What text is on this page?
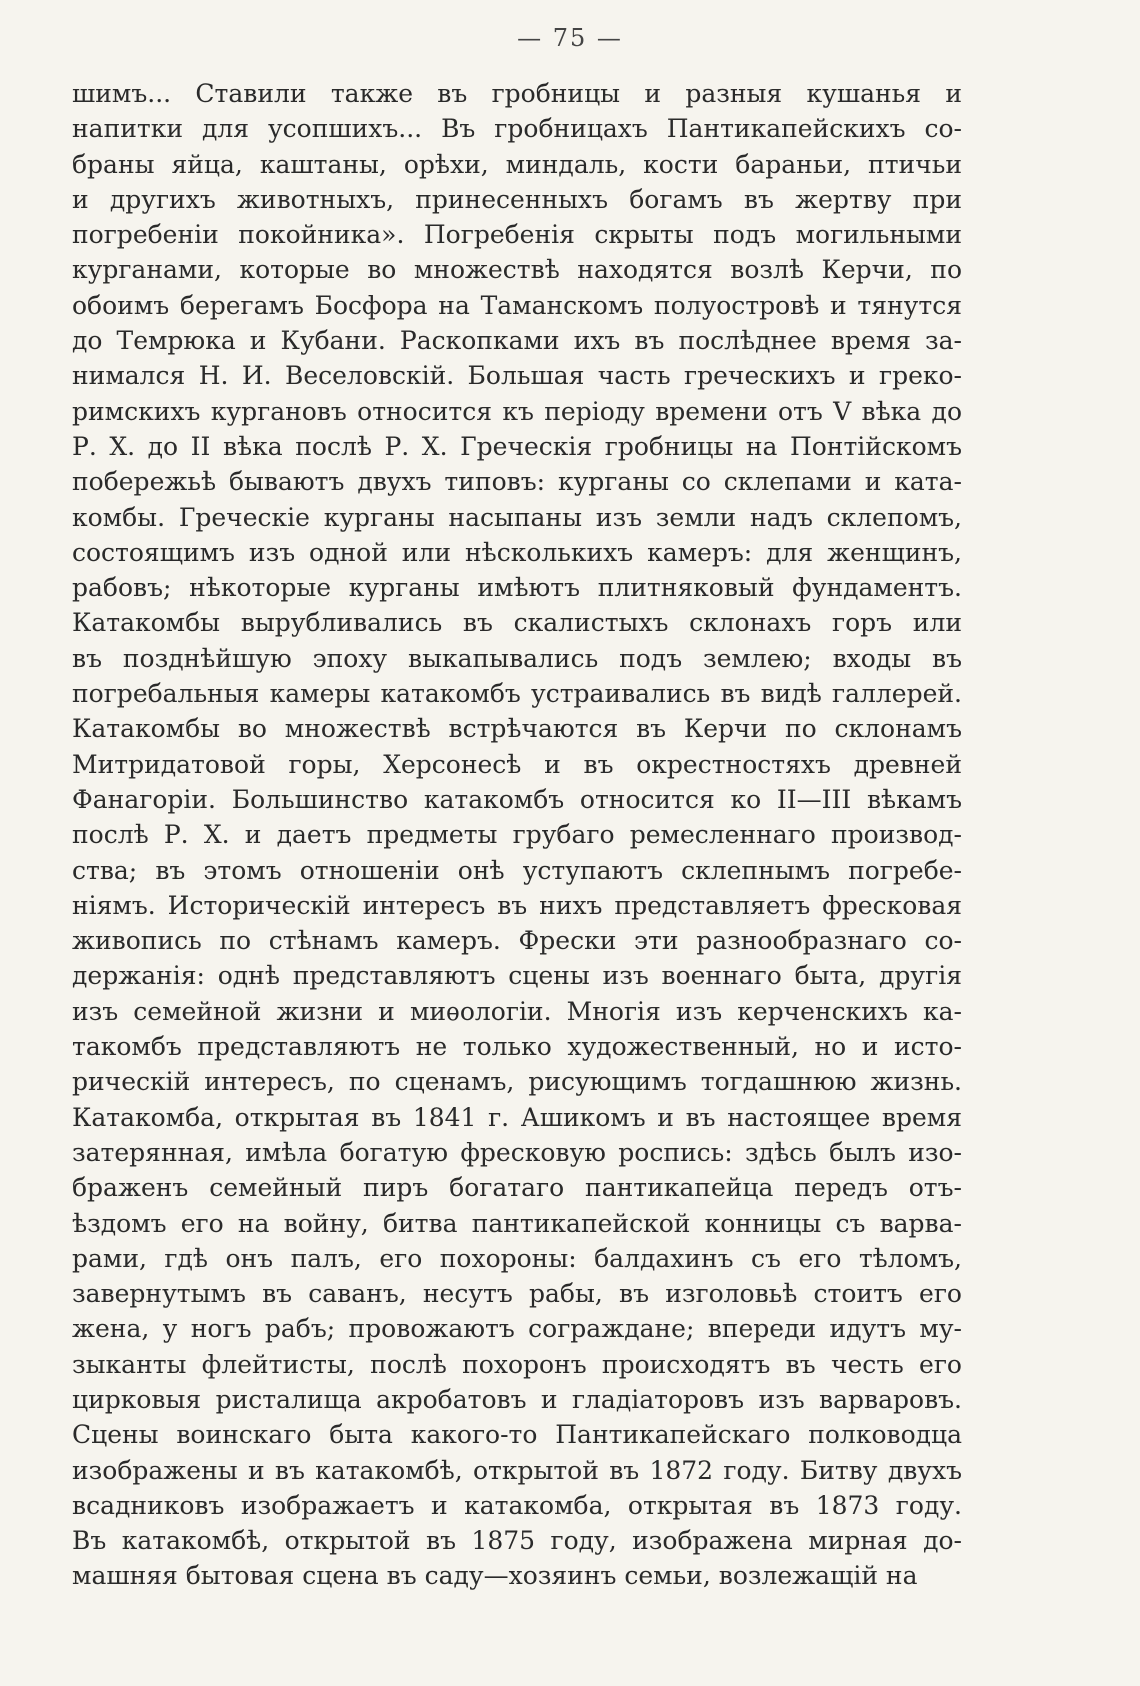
— 75 —
шимъ... Ставили также въ гробницы и разныя кушанья и
напитки для усопшихъ... Въ гробницахъ Пантикапейскихъ со-
браны яйца, каштаны, орѣхи, миндаль, кости бараньи, птичьи
и другихъ животныхъ, принесенныхъ богамъ въ жертву при
погребеніи покойника». Погребенія скрыты подъ могильными
курганами, которые во множествѣ находятся возлѣ Керчи, по
обоимъ берегамъ Босфора на Таманскомъ полуостровѣ и тянутся
до Темрюка и Кубани. Раскопками ихъ въ послѣднее время за-
нимался Н. И. Веселовскій. Большая часть греческихъ и греко-
римскихъ кургановъ относится къ періоду времени отъ V вѣка до
Р. Х. до II вѣка послѣ Р. Х. Греческія гробницы на Понтійскомъ
побережьѣ бываютъ двухъ типовъ: курганы со склепами и ката-
комбы. Греческіе курганы насыпаны изъ земли надъ склепомъ,
состоящимъ изъ одной или нѣсколькихъ камеръ: для женщинъ,
рабовъ; нѣкоторые курганы имѣютъ плитняковый фундаментъ.
Катакомбы вырубливались въ скалистыхъ склонахъ горъ или
въ позднѣйшую эпоху выкапывались подъ землею; входы въ
погребальныя камеры катакомбъ устраивались въ видѣ галлерей.
Катакомбы во множествѣ встрѣчаются въ Керчи по склонамъ
Митридатовой горы, Херсонесѣ и въ окрестностяхъ древней
Фанагоріи. Большинство катакомбъ относится ко II—III вѣкамъ
послѣ Р. Х. и даетъ предметы грубаго ремесленнаго производ-
ства; въ этомъ отношеніи онѣ уступаютъ склепнымъ погребе-
ніямъ. Историческій интересъ въ нихъ представляетъ фресковая
живопись по стѣнамъ камеръ. Фрески эти разнообразнаго со-
держанія: однѣ представляютъ сцены изъ военнаго быта, другія
изъ семейной жизни и миѳологіи. Многія изъ керченскихъ ка-
такомбъ представляютъ не только художественный, но и исто-
рическій интересъ, по сценамъ, рисующимъ тогдашнюю жизнь.
Катакомба, открытая въ 1841 г. Ашикомъ и въ настоящее время
затерянная, имѣла богатую фресковую роспись: здѣсь былъ изо-
браженъ семейный пиръ богатаго пантикапейца передъ отъ-
ѣздомъ его на войну, битва пантикапейской конницы съ варва-
рами, гдѣ онъ палъ, его похороны: балдахинъ съ его тѣломъ,
завернутымъ въ саванъ, несутъ рабы, въ изголовьѣ стоитъ его
жена, у ногъ рабъ; провожаютъ сограждане; впереди идутъ му-
зыканты флейтисты, послѣ похоронъ происходятъ въ честь его
цирковыя ристалища акробатовъ и гладіаторовъ изъ варваровъ.
Сцены воинскаго быта какого-то Пантикапейскаго полководца
изображены и въ катакомбѣ, открытой въ 1872 году. Битву двухъ
всадниковъ изображаетъ и катакомба, открытая въ 1873 году.
Въ катакомбѣ, открытой въ 1875 году, изображена мирная до-
машняя бытовая сцена въ саду—хозяинъ семьи, возлежащій на
